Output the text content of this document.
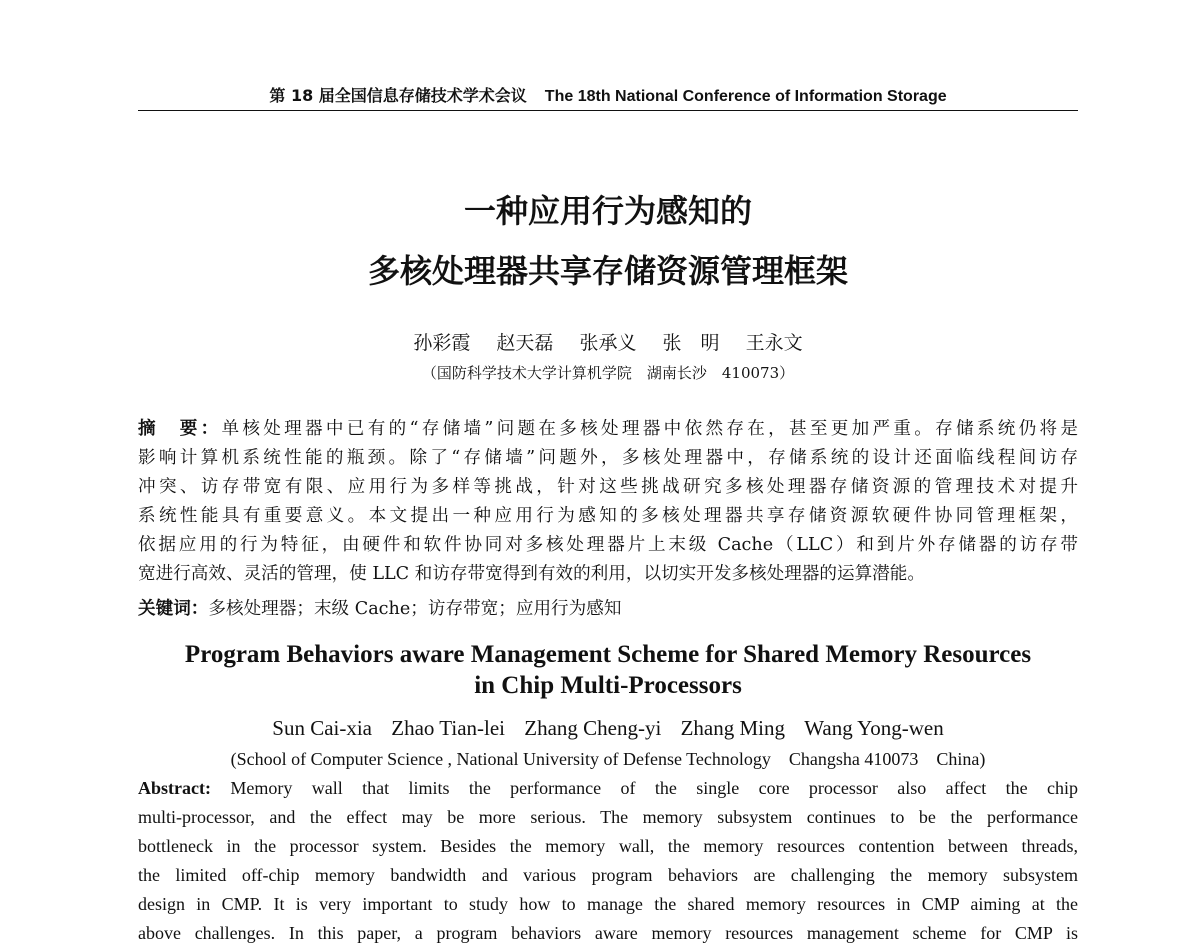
第 18 届全国信息存储技术学术会议 The 18th National Conference of Information Storage
一种应用行为感知的
多核处理器共享存储资源管理框架
孙彩霞 赵天磊 张承义 张　明 王永文
（国防科学技术大学计算机学院　湖南长沙　410073）
摘　要：单核处理器中已有的“存储墙”问题在多核处理器中依然存在，甚至更加严重。存储系统仍将是
影响计算机系统性能的瓶颈。除了“存储墙”问题外，多核处理器中，存储系统的设计还面临线程间访存
冲突、访存带宽有限、应用行为多样等挑战，针对这些挑战研究多核处理器存储资源的管理技术对提升
系统性能具有重要意义。本文提出一种应用行为感知的多核处理器共享存储资源软硬件协同管理框架，
依据应用的行为特征，由硬件和软件协同对多核处理器片上末级 Cache（LLC）和到片外存储器的访存带
宽进行高效、灵活的管理，使 LLC 和访存带宽得到有效的利用，以切实开发多核处理器的运算潜能。
关键词：多核处理器；末级 Cache；访存带宽；应用行为感知
Program Behaviors aware Management Scheme for Shared Memory Resources
in Chip Multi-Processors
Sun Cai-xia Zhao Tian-lei Zhang Cheng-yi Zhang Ming Wang Yong-wen
(School of Computer Science , National University of Defense Technology    Changsha 410073    China)
Abstract: Memory wall that limits the performance of the single core processor also affect the chip
multi-processor, and the effect may be more serious. The memory subsystem continues to be the performance
bottleneck in the processor system. Besides the memory wall, the memory resources contention between threads,
the limited off-chip memory bandwidth and various program behaviors are challenging the memory subsystem
design in CMP. It is very important to study how to manage the shared memory resources in CMP aiming at the
above challenges. In this paper, a program behaviors aware memory resources management scheme for CMP is
